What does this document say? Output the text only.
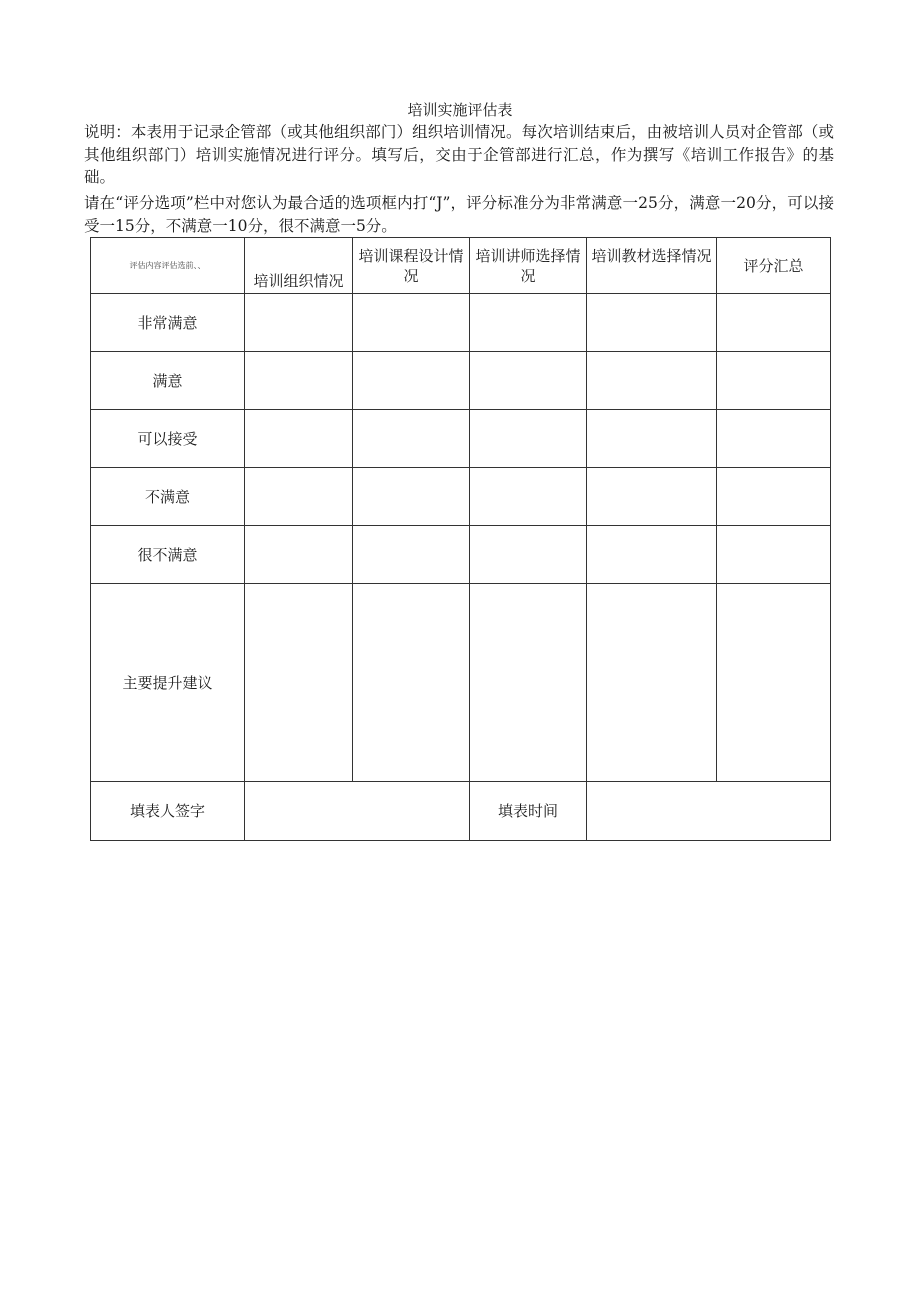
培训实施评估表
说明：本表用于记录企管部（或其他组织部门）组织培训情况。每次培训结束后，由被培训人员对企管部（或其他组织部门）培训实施情况进行评分。填写后，交由于企管部进行汇总，作为撰写《培训工作报告》的基础。
请在“评分选项”栏中对您认为最合适的选项框内打“J”，评分标准分为非常满意一25分，满意一20分，可以接受一15分，不满意一10分，很不满意一5分。
评估内容评估选前、、	培训组织情况	培训课程设计情况	培训讲师选择情况	培训教材选择情况	评分汇总
非常满意					
满意					
可以接受					
不满意					
很不满意					
主要提升建议					
填表人签字			填表时间		
